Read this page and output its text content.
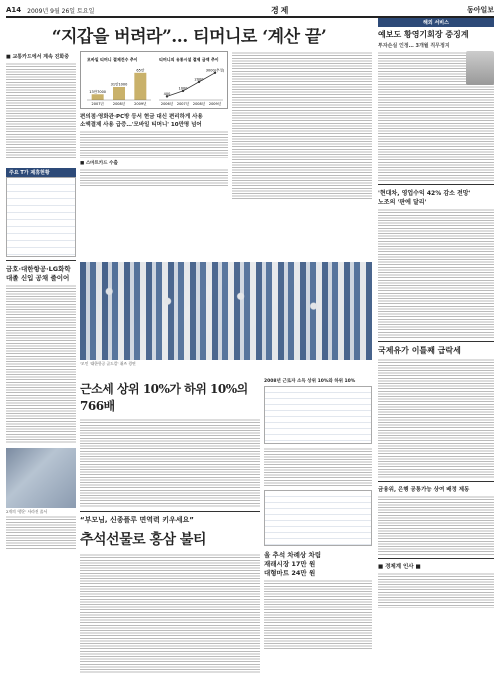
A14 2009년 9월 26일 토요일	경제	동아일보
“지갑을 버려라”… 티머니로 ‘계산 끝’
■ 교통카드에서 계속 진화중	모바일 티머니 결제건수 추이
13만7000
2007년
31만1000
2008년
65만
2009년
티머니의 유통시설 결제 금액 추이
400
2006년
1000
2007년
2000
2008년
3000(추정)
2009년
편의점·영화관·PC방 등서 현금 대신 편리하게 사용
소액결제 사용 급증…'모바일 티머니' 10만명 넘어
■ 스마트카드 수출
주요 T가 제휴현황
금호·대한항공·LG화학
대졸 신입 공채 줄이어
2개의 '행운' 사라진 줄서
'모인 '대한항공 골드칼' 취즈 경연
근소세 상위 10%가 하위 10%의 766배
“부모님, 신종플루 면역력 키우세요”
추석선물로 홍삼 불티
2008년 근로자 소득 상위 10%와 하위 10%
올 추석 차례상 차림
재래시장 17만 원
대형마트 24만 원
해외 서비스
예보도 황영기회장 중징계
투자손실 인정… 3개월 직무정지
'현대차, 영업수익 42% 감소 전망'
노조의 '판에 달리'
국제유가 이틀째 급락세
금융위, 은행 공통가능 상여 배정 제동
■ 경제계 인사 ■
